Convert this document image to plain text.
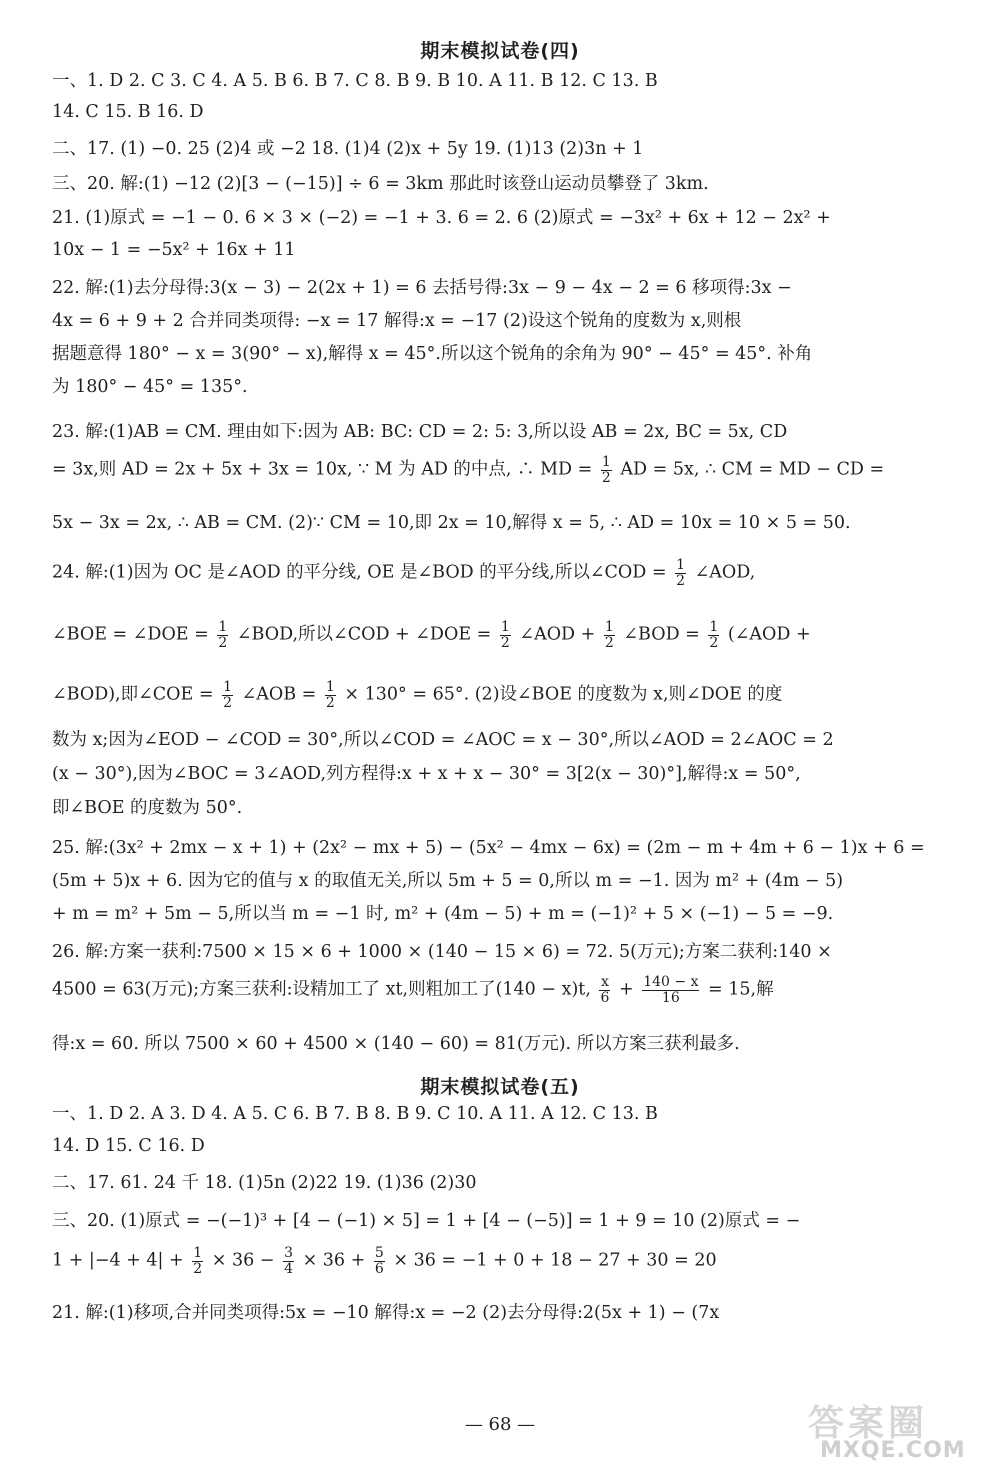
期末模拟试卷(四)
一、1. D 2. C 3. C 4. A 5. B 6. B 7. C 8. B 9. B 10. A 11. B 12. C 13. B
14. C 15. B 16. D
二、17. (1) −0. 25 (2)4 或 −2 18. (1)4 (2)x + 5y 19. (1)13 (2)3n + 1
三、20. 解:(1) −12 (2)[3 − (−15)] ÷ 6 = 3km 那此时该登山运动员攀登了 3km.
21. (1)原式 = −1 − 0. 6 × 3 × (−2) = −1 + 3. 6 = 2. 6 (2)原式 = −3x² + 6x + 12 − 2x² +
10x − 1 = −5x² + 16x + 11
22. 解:(1)去分母得:3(x − 3) − 2(2x + 1) = 6 去括号得:3x − 9 − 4x − 2 = 6 移项得:3x −
4x = 6 + 9 + 2 合并同类项得: −x = 17 解得:x = −17 (2)设这个锐角的度数为 x,则根
据题意得 180° − x = 3(90° − x),解得 x = 45°.所以这个锐角的余角为 90° − 45° = 45°. 补角
为 180° − 45° = 135°.
23. 解:(1)AB = CM. 理由如下:因为 AB: BC: CD = 2: 5: 3,所以设 AB = 2x, BC = 5x, CD
= 3x,则 AD = 2x + 5x + 3x = 10x, ∵ M 为 AD 的中点, ∴ MD = $\frac{1}{2}$ AD = 5x, ∴ CM = MD − CD =
5x − 3x = 2x, ∴ AB = CM. (2)∵ CM = 10,即 2x = 10,解得 x = 5, ∴ AD = 10x = 10 × 5 = 50.
24. 解:(1)因为 OC 是∠AOD 的平分线, OE 是∠BOD 的平分线,所以∠COD = $\frac{1}{2}$ ∠AOD,
∠BOE = ∠DOE = $\frac{1}{2}$ ∠BOD,所以∠COD + ∠DOE = $\frac{1}{2}$ ∠AOD + $\frac{1}{2}$ ∠BOD = $\frac{1}{2}$ (∠AOD +
∠BOD),即∠COE = $\frac{1}{2}$ ∠AOB = $\frac{1}{2} \times 130^\circ = 65^\circ$. (2)设∠BOE 的度数为 x,则∠DOE 的度
数为 x;因为∠EOD − ∠COD = 30°,所以∠COD = ∠AOC = x − 30°,所以∠AOD = 2∠AOC = 2
(x − 30°),因为∠BOC = 3∠AOD,列方程得:x + x + x − 30° = 3[2(x − 30)°],解得:x = 50°,
即∠BOE 的度数为 50°.
25. 解:(3x² + 2mx − x + 1) + (2x² − mx + 5) − (5x² − 4mx − 6x) = (2m − m + 4m + 6 − 1)x + 6 =
(5m + 5)x + 6. 因为它的值与 x 的取值无关,所以 5m + 5 = 0,所以 m = −1. 因为 m² + (4m − 5)
+ m = m² + 5m − 5,所以当 m = −1 时, m² + (4m − 5) + m = (−1)² + 5 × (−1) − 5 = −9.
26. 解:方案一获利:7500 × 15 × 6 + 1000 × (140 − 15 × 6) = 72. 5(万元);方案二获利:140 ×
4500 = 63(万元);方案三获利:设精加工了 xt,则粗加工了(140 − x)t, $\frac{x}{6} + \frac{140 - x}{16} = 15$,解
得:x = 60. 所以 7500 × 60 + 4500 × (140 − 60) = 81(万元). 所以方案三获利最多.
期末模拟试卷(五)
一、1. D 2. A 3. D 4. A 5. C 6. B 7. B 8. B 9. C 10. A 11. A 12. C 13. B
14. D 15. C 16. D
二、17. 61. 24 千 18. (1)5n (2)22 19. (1)36 (2)30
三、20. (1)原式 = −(−1)³ + [4 − (−1) × 5] = 1 + [4 − (−5)] = 1 + 9 = 10 (2)原式 = −
$1 + |-4 + 4| + \frac{1}{2} \times 36 - \frac{3}{4} \times 36 + \frac{5}{6} \times 36 = -1 + 0 + 18 - 27 + 30 = 20$
21. 解:(1)移项,合并同类项得:5x = −10 解得:x = −2 (2)去分母得:2(5x + 1) − (7x
— 68 —	答案圈
MXQE.COM
